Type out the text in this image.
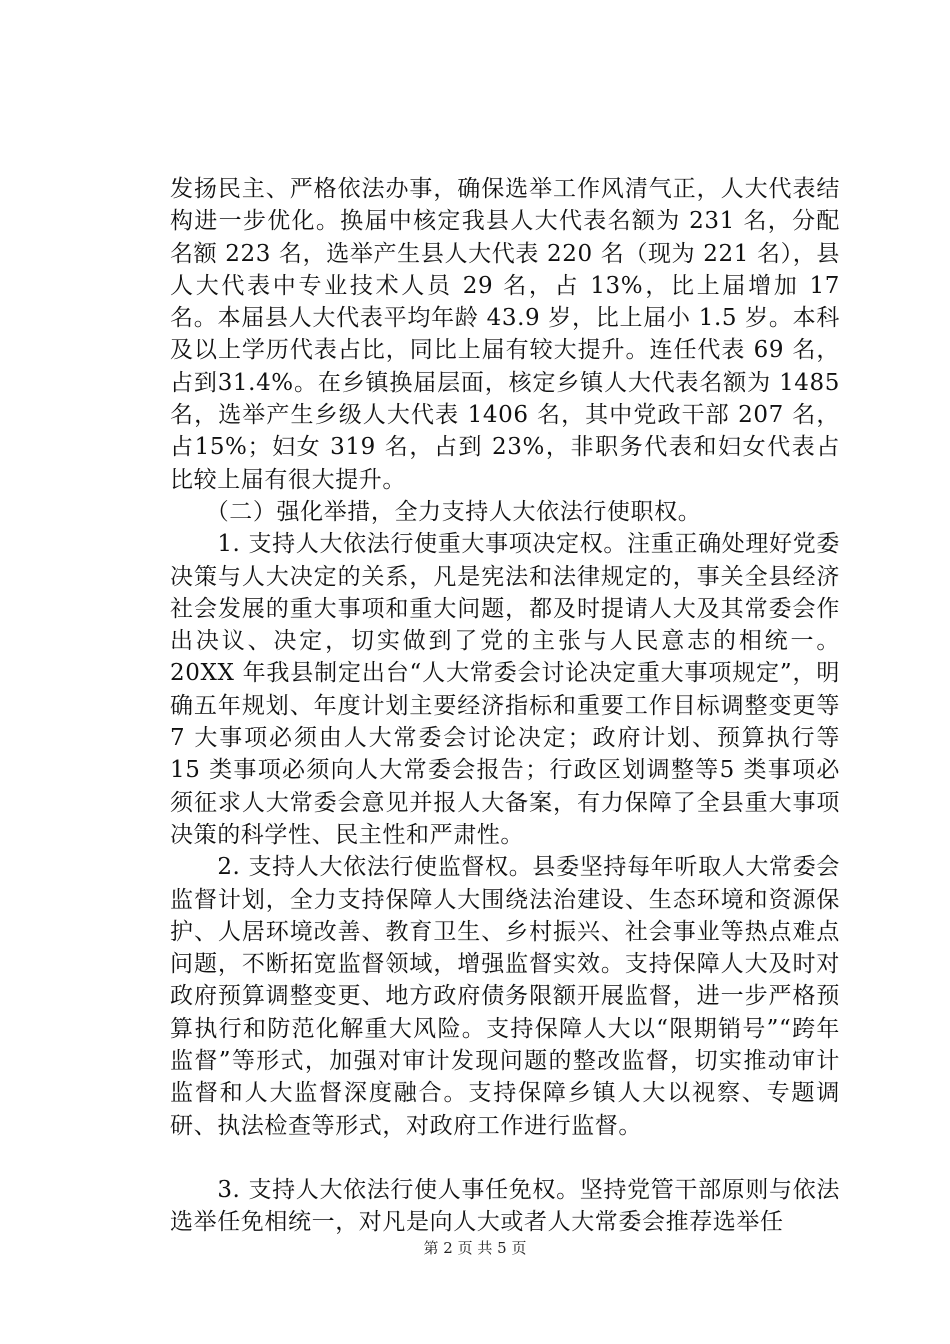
发扬民主、严格依法办事，确保选举工作风清气正，人大代表结构进一步优化。换届中核定我县人大代表名额为 231 名，分配名额 223 名，选举产生县人大代表 220 名（现为 221 名），县人大代表中专业技术人员 29 名，占 13%，比上届增加 17 名。本届县人大代表平均年龄 43.9 岁，比上届小 1.5 岁。本科及以上学历代表占比，同比上届有较大提升。连任代表 69 名，占到31.4%。在乡镇换届层面，核定乡镇人大代表名额为 1485 名，选举产生乡级人大代表 1406 名，其中党政干部 207 名，占15%；妇女 319 名，占到 23%，非职务代表和妇女代表占比较上届有很大提升。

　　（二）强化举措，全力支持人大依法行使职权。

　　1. 支持人大依法行使重大事项决定权。注重正确处理好党委决策与人大决定的关系，凡是宪法和法律规定的，事关全县经济社会发展的重大事项和重大问题，都及时提请人大及其常委会作出决议、决定，切实做到了党的主张与人民意志的相统一。20XX 年我县制定出台“人大常委会讨论决定重大事项规定”，明确五年规划、年度计划主要经济指标和重要工作目标调整变更等 7 大事项必须由人大常委会讨论决定；政府计划、预算执行等 15 类事项必须向人大常委会报告；行政区划调整等5 类事项必须征求人大常委会意见并报人大备案，有力保障了全县重大事项决策的科学性、民主性和严肃性。

　　2. 支持人大依法行使监督权。县委坚持每年听取人大常委会监督计划，全力支持保障人大围绕法治建设、生态环境和资源保护、人居环境改善、教育卫生、乡村振兴、社会事业等热点难点问题，不断拓宽监督领域，增强监督实效。支持保障人大及时对政府预算调整变更、地方政府债务限额开展监督，进一步严格预算执行和防范化解重大风险。支持保障人大以“限期销号”“跨年监督”等形式，加强对审计发现问题的整改监督，切实推动审计监督和人大监督深度融合。支持保障乡镇人大以视察、专题调研、执法检查等形式，对政府工作进行监督。

　　3. 支持人大依法行使人事任免权。坚持党管干部原则与依法选举任免相统一，对凡是向人大或者人大常委会推荐选举任

第 2 页 共 5 页
